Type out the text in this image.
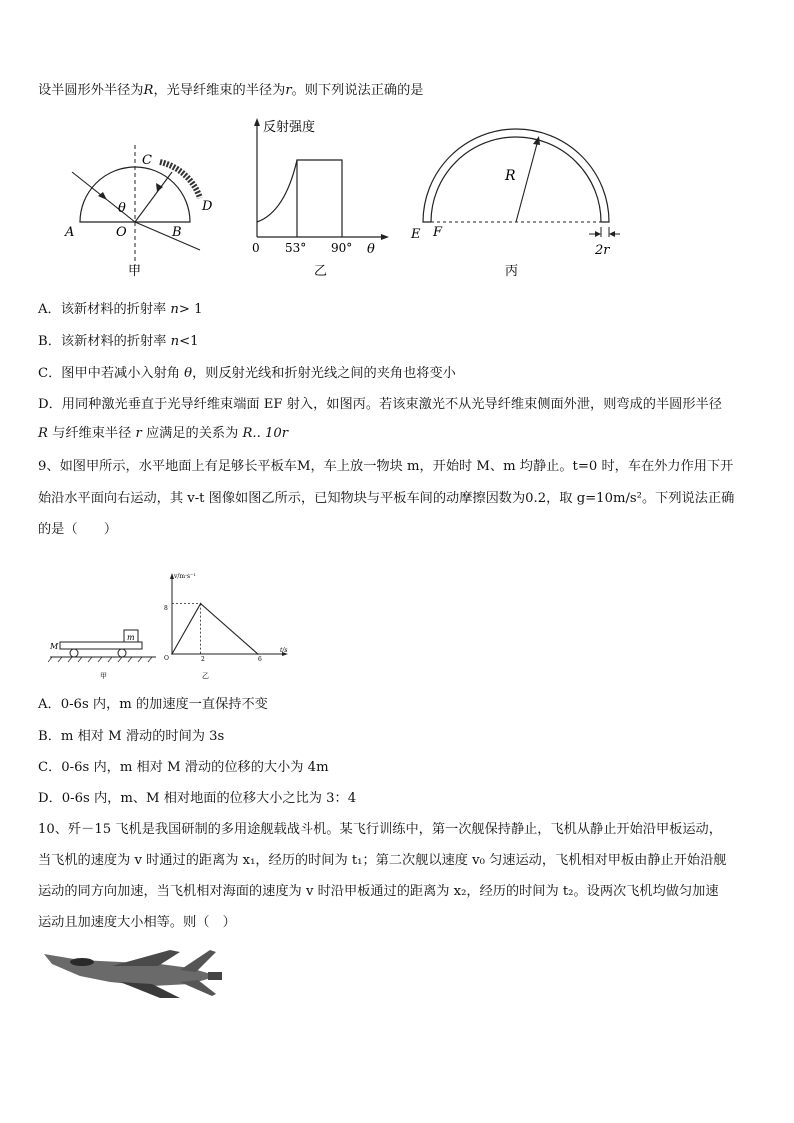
设半圆形外半径为R，光导纤维束的半径为r。则下列说法正确的是
A	O	B
C
D
θ
甲
反射强度
0 53° 90° θ
乙
R
E F
2r
丙
A．该新材料的折射率 n> 1
B．该新材料的折射率 n<1
C．图甲中若减小入射角 θ，则反射光线和折射光线之间的夹角也将变小
D．用同种激光垂直于光导纤维束端面 EF 射入，如图丙。若该束激光不从光导纤维束侧面外泄，则弯成的半圆形半径
R 与纤维束半径 r 应满足的关系为 R.. 10r
9、如图甲所示，水平地面上有足够长平板车M，车上放一物块 m，开始时 M、m 均静止。t=0 时，车在外力作用下开
始沿水平面向右运动，其 v-t 图像如图乙所示，已知物块与平板车间的动摩擦因数为0.2，取 g=10m/s²。下列说法正确
的是（　　）
m
M
甲
v/m·s⁻¹
t/s
8
O	2	6
乙
A．0-6s 内，m 的加速度一直保持不变
B．m 相对 M 滑动的时间为 3s
C．0-6s 内，m 相对 M 滑动的位移的大小为 4m
D．0-6s 内，m、M 相对地面的位移大小之比为 3：4
10、歼－15 飞机是我国研制的多用途舰载战斗机。某飞行训练中，第一次舰保持静止，飞机从静止开始沿甲板运动，
当飞机的速度为 v 时通过的距离为 x₁，经历的时间为 t₁；第二次舰以速度 v₀ 匀速运动，飞机相对甲板由静止开始沿舰
运动的同方向加速，当飞机相对海面的速度为 v 时沿甲板通过的距离为 x₂，经历的时间为 t₂。设两次飞机均做匀加速
运动且加速度大小相等。则（　）
